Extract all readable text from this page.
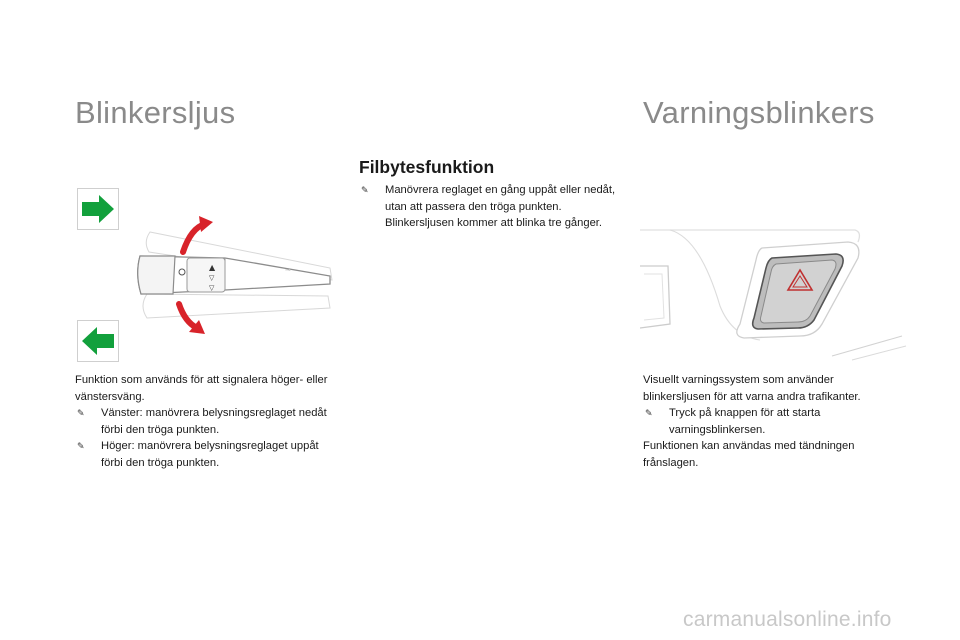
Blinkersljus
▲
▽
▽
⊸

Funktion som används för att signalera höger- eller vänstersväng.

✎	Vänster: manövrera belysningsreglaget nedåt förbi den tröga punkten.
✎	Höger: manövrera belysningsreglaget uppåt förbi den tröga punkten.
Filbytesfunktion
✎	Manövrera reglaget en gång uppåt eller nedåt, utan att passera den tröga punkten. Blinkersljusen kommer att blinka tre gånger.
Varningsblinkers

Visuellt varningssystem som använder blinkersljusen för att varna andra trafikanter.

✎	Tryck på knappen för att starta varningsblinkersen.

Funktionen kan användas med tändningen frånslagen.

carmanualsonline.info
